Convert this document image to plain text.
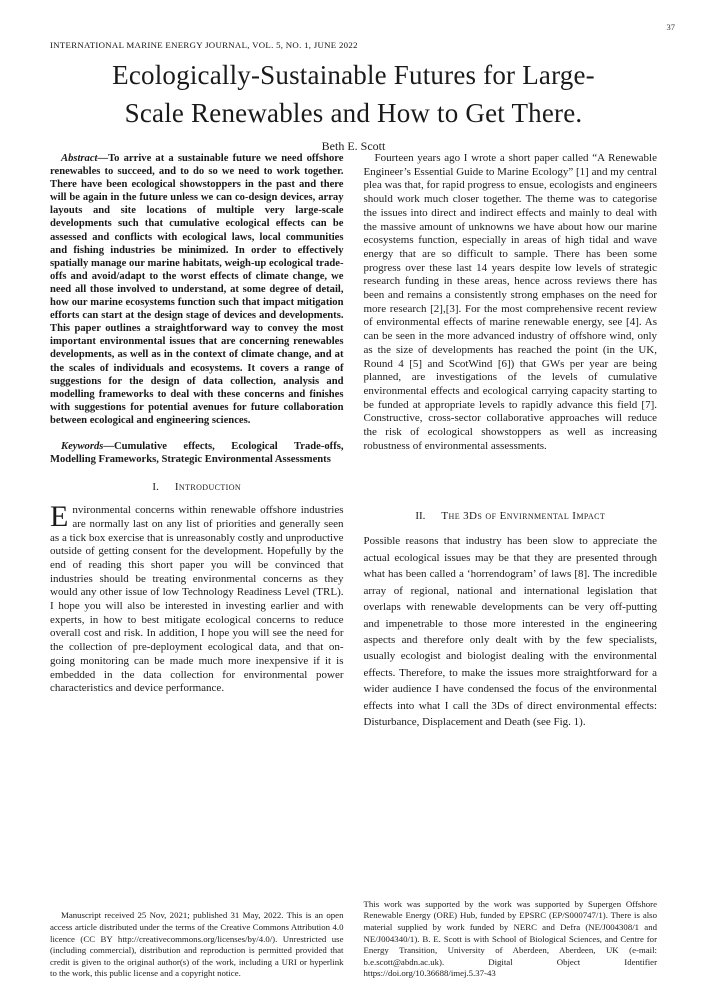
37
INTERNATIONAL MARINE ENERGY JOURNAL, VOL. 5, NO. 1, JUNE 2022
Ecologically-Sustainable Futures for Large-
Scale Renewables and How to Get There.
Beth E. Scott

Abstract—To arrive at a sustainable future we need offshore renewables to succeed, and to do so we need to work together. There have been ecological showstoppers in the past and there will be again in the future unless we can co-design devices, array layouts and site locations of multiple very large-scale developments such that cumulative ecological effects can be assessed and conflicts with ecological laws, local communities and fishing industries be minimized. In order to effectively spatially manage our marine habitats, weigh-up ecological trade-offs and avoid/adapt to the worst effects of climate change, we need all those involved to understand, at some degree of detail, how our marine ecosystems function such that impact mitigation efforts can start at the design stage of devices and developments. This paper outlines a straightforward way to convey the most important environmental issues that are concerning renewables developments, as well as in the context of climate change, and at the scales of individuals and ecosystems. It covers a range of suggestions for the design of data collection, analysis and modelling frameworks to deal with these concerns and finishes with suggestions for potential avenues for future collaboration between ecological and engineering sciences.

Keywords—Cumulative effects, Ecological Trade-offs, Modelling Frameworks, Strategic Environmental Assessments

I. Introduction

Environmental concerns within renewable offshore industries are normally last on any list of priorities and generally seen as a tick box exercise that is unreasonably costly and unproductive outside of getting consent for the development. Hopefully by the end of reading this short paper you will be convinced that industries should be treating environmental concerns as they would any other issue of low Technology Readiness Level (TRL). I hope you will also be interested in investing earlier and with experts, in how to best mitigate ecological concerns to reduce overall cost and risk. In addition, I hope you will see the need for the collection of pre-deployment ecological data, and that on-going monitoring can be made much more inexpensive if it is embedded in the data collection for environmental power characteristics and device performance.

Manuscript received 25 Nov, 2021; published 31 May, 2022. This is an open access article distributed under the terms of the Creative Commons Attribution 4.0 licence (CC BY http://creativecommons.org/licenses/by/4.0/). Unrestricted use (including commercial), distribution and reproduction is permitted provided that credit is given to the original author(s) of the work, including a URI or hyperlink to the work, this public license and a copyright notice.

Fourteen years ago I wrote a short paper called “A Renewable Engineer’s Essential Guide to Marine Ecology” [1] and my central plea was that, for rapid progress to ensue, ecologists and engineers should work much closer together. The theme was to categorise the issues into direct and indirect effects and mainly to deal with the massive amount of unknowns we have about how our marine ecosystems function, especially in areas of high tidal and wave energy that are so difficult to sample. There has been some progress over these last 14 years despite low levels of strategic research funding in these areas, hence across reviews there has been and remains a consistently strong emphases on the need for more research [2],[3]. For the most comprehensive recent review of environmental effects of marine renewable energy, see [4]. As can be seen in the more advanced industry of offshore wind, only as the size of developments has reached the point (in the UK, Round 4 [5] and ScotWind [6]) that GWs per year are being planned, are investigations of the levels of cumulative environmental effects and ecological carrying capacity starting to be funded at appropriate levels to rapidly advance this field [7]. Constructive, cross-sector collaborative approaches will reduce the risk of ecological showstoppers as well as increasing robustness of environmental assessments.

II. The 3Ds of Envirnmental Impact

Possible reasons that industry has been slow to appreciate the actual ecological issues may be that they are presented through what has been called a ‘horrendogram’ of laws [8]. The incredible array of regional, national and international legislation that overlaps with renewable developments can be very off-putting and impenetrable to those more interested in the engineering aspects and therefore only dealt with by the few specialists, usually ecologist and biologist dealing with the environmental effects. Therefore, to make the issues more straightforward for a wider audience I have condensed the focus of the environmental effects into what I call the 3Ds of direct environmental effects: Disturbance, Displacement and Death (see Fig. 1).

This work was supported by the work was supported by Supergen Offshore Renewable Energy (ORE) Hub, funded by EPSRC (EP/S000747/1). There is also material supplied by work funded by NERC and Defra (NE/J004308/1 and NE/J004340/1). B. E. Scott is with School of Biological Sciences, and Centre for Energy Transition, University of Aberdeen, Aberdeen, UK (e-mail: b.e.scott@abdn.ac.uk). Digital Object Identifier https://doi.org/10.36688/imej.5.37-43
